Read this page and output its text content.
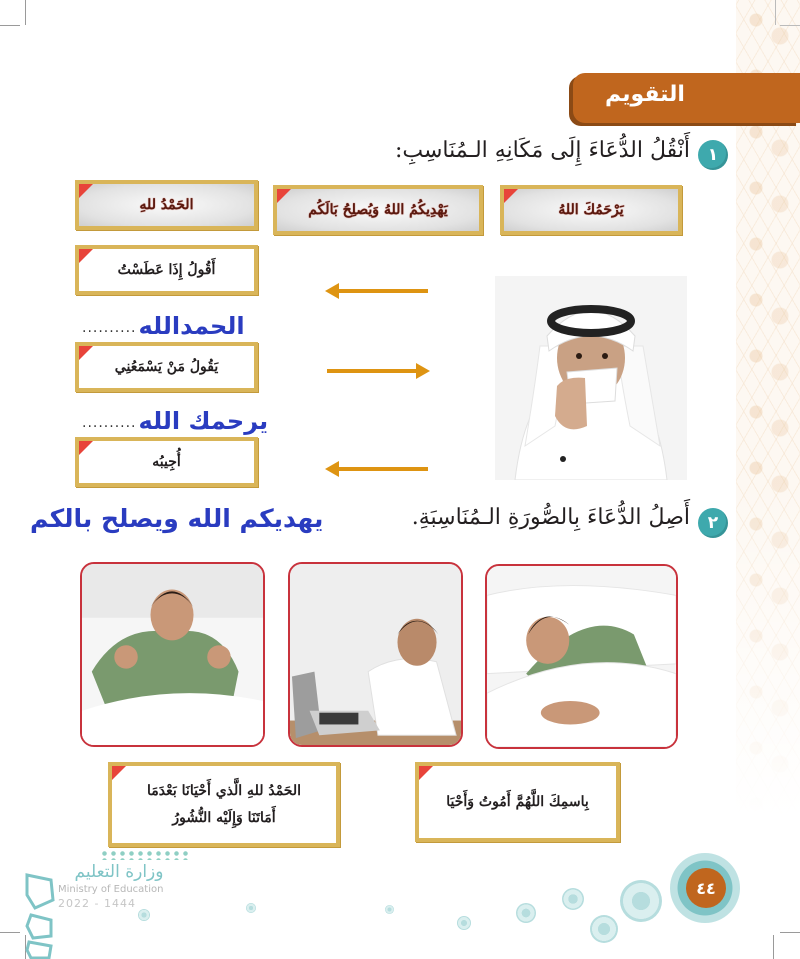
التقويم
١
أَنْقُلُ الدُّعَاءَ إِلَى مَكَانِهِ الـمُنَاسِبِ:
يَرْحَمُكَ اللهُ
يَهْدِيكُمُ اللهُ وَيُصلِحُ بَالَكُم
الحَمْدُ للهِ
أَقُولُ إِذَا عَطَسْتُ
.......... الحمدالله
يَقُولُ مَنْ يَسْمَعُنِي
.......... يرحمك الله
أُجِيبُه
٢
أَصِلُ الدُّعَاءَ بِالصُّورَةِ الـمُنَاسِبَةِ.
يهديكم الله ويصلح بالكم
الحَمْدُ للهِ الَّذي أَحْيَانَا بَعْدَمَا
أَمَاتَنَا وَإِلَيْه النُّشُورُ
بِاسمِكَ اللَّهُمَّ أَمُوتُ وَأَحْيَا
وزارة التعليم
Ministry of Education
2022 - 1444
٤٤
